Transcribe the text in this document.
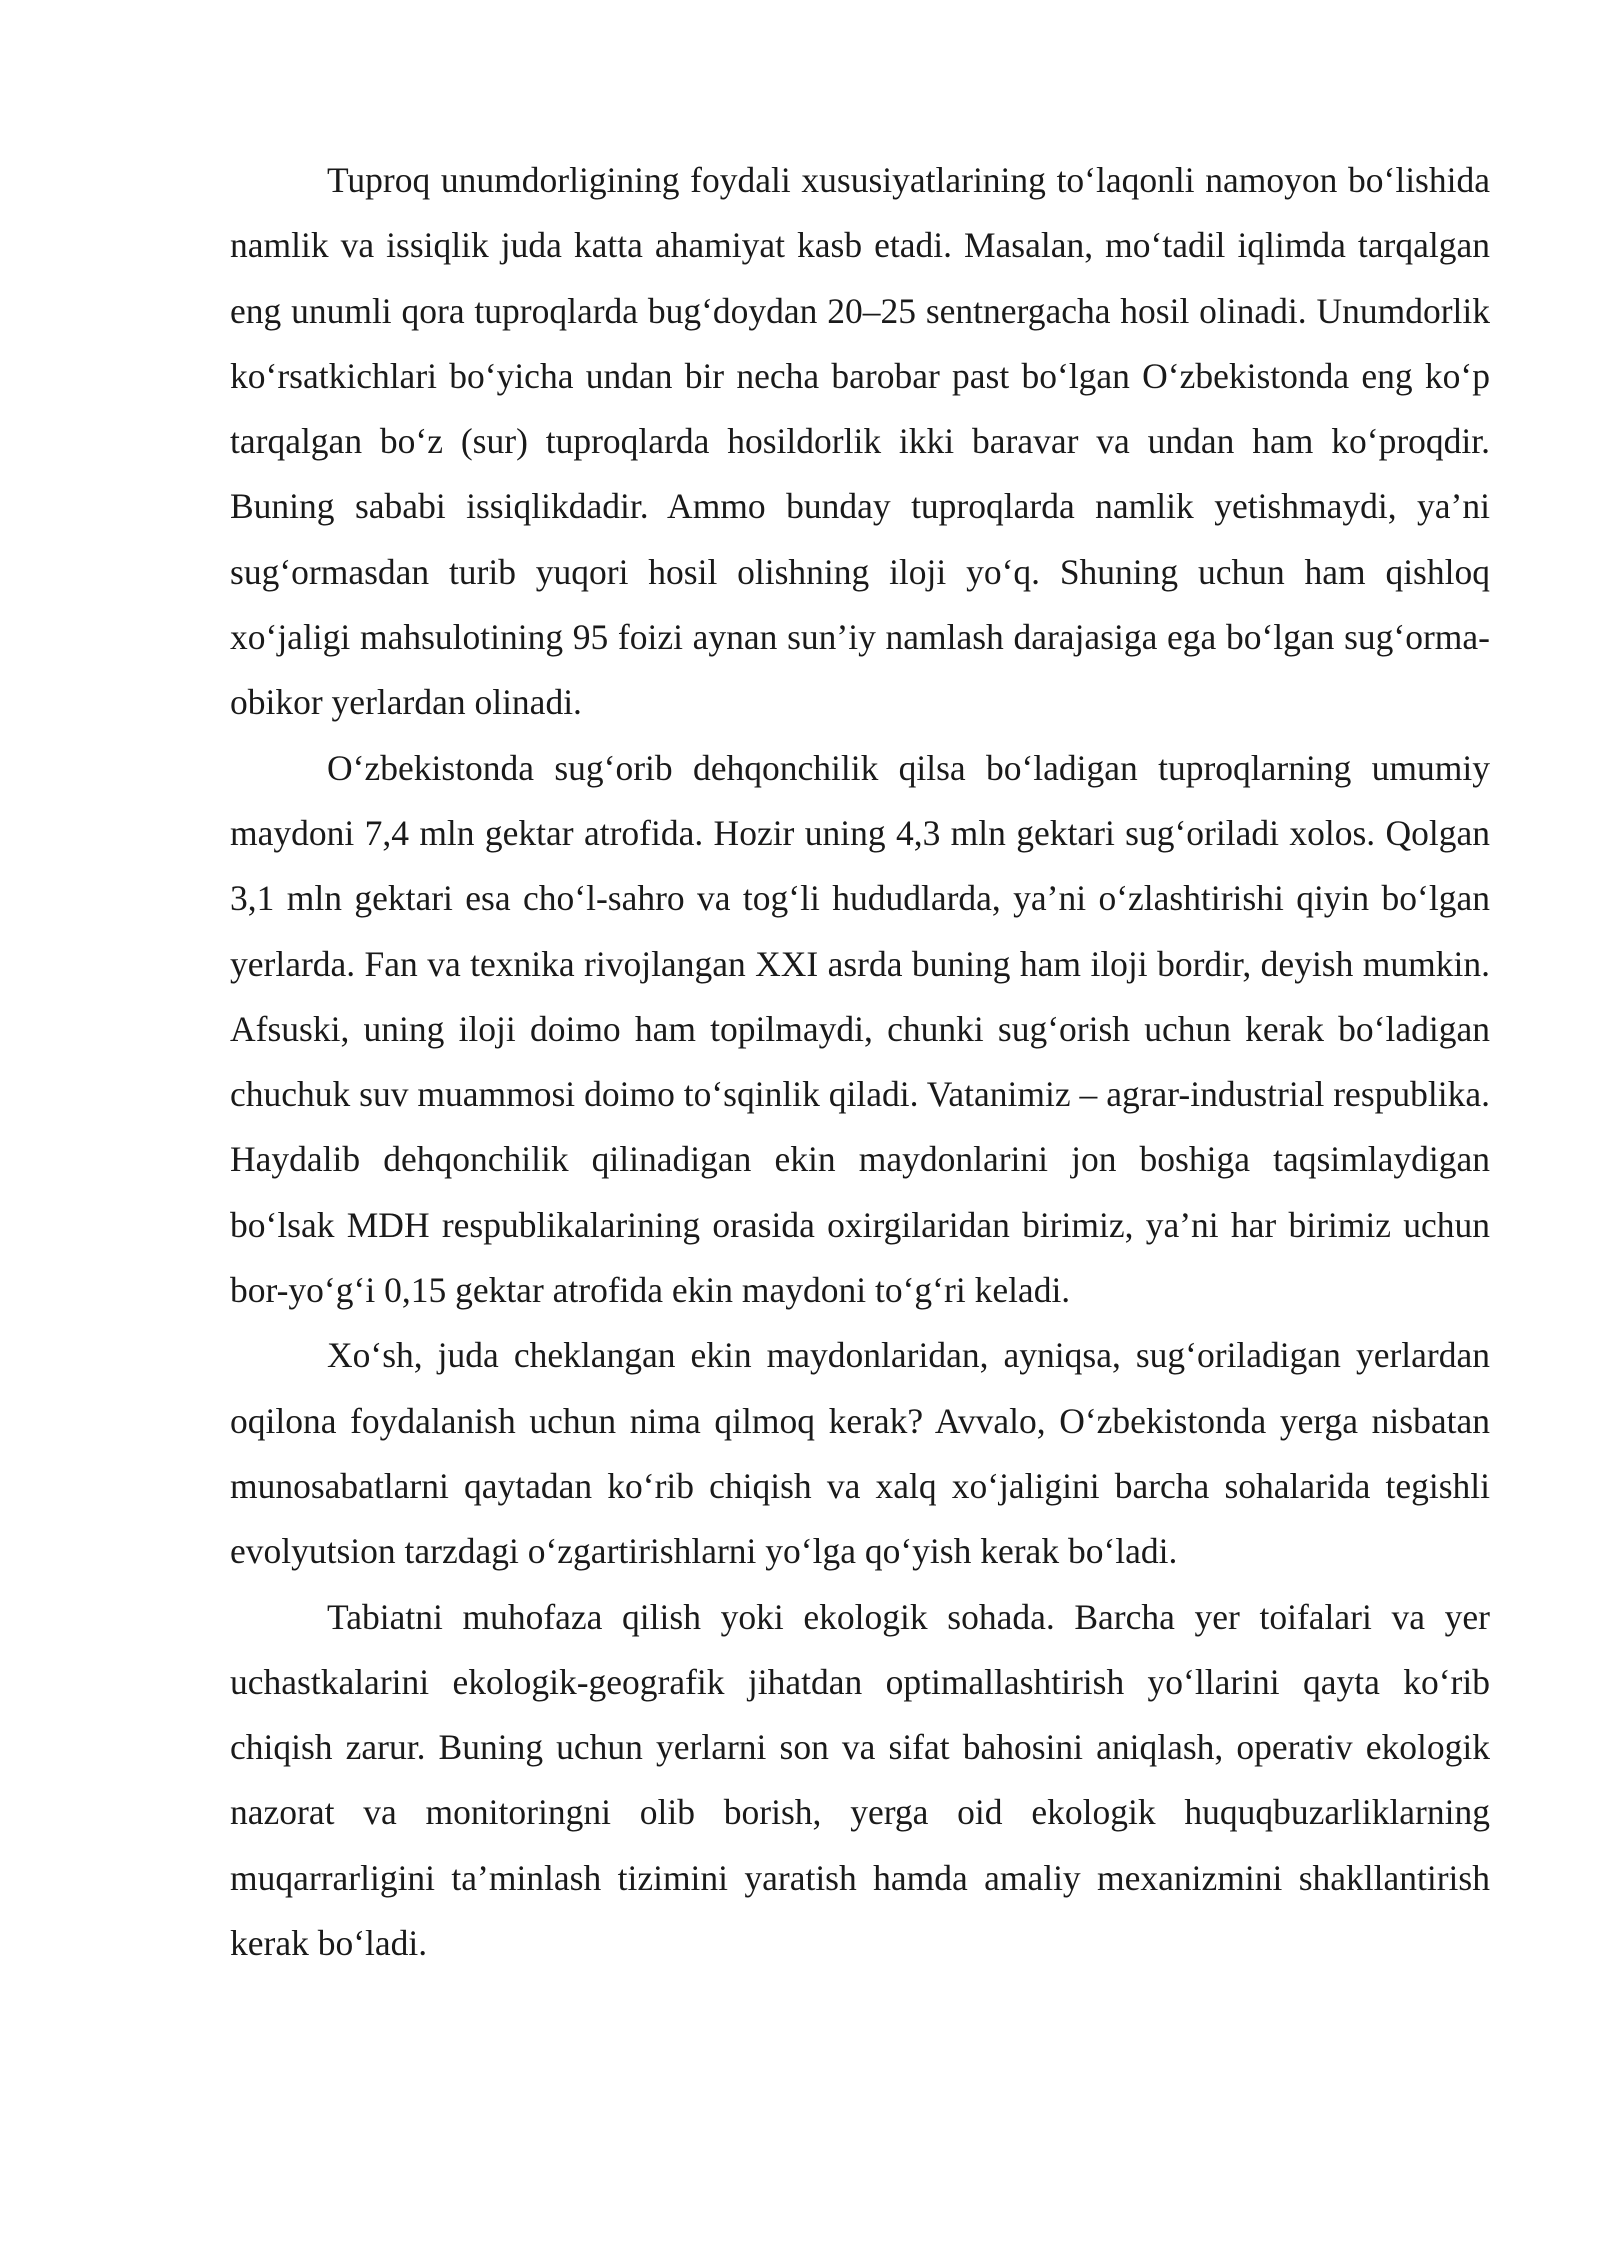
Tuproq unumdorligining foydali xususiyatlarining to‘laqonli namoyon bo‘lishida namlik va issiqlik juda katta ahamiyat kasb etadi. Masalan, mo‘tadil iqlimda tarqalgan eng unumli qora tuproqlarda bug‘doydan 20–25 sentnergacha hosil olinadi. Unumdorlik ko‘rsatkichlari bo‘yicha undan bir necha barobar past bo‘lgan O‘zbekistonda eng ko‘p tarqalgan bo‘z (sur) tuproqlarda hosildorlik ikki baravar va undan ham ko‘proqdir. Buning sababi issiqlikdadir. Ammo bunday tuproqlarda namlik yetishmaydi, ya’ni sug‘ormasdan turib yuqori hosil olishning iloji yo‘q. Shuning uchun ham qishloq xo‘jaligi mahsulotining 95 foizi aynan sun’iy namlash darajasiga ega bo‘lgan sug‘orma-obikor yerlardan olinadi.

O‘zbekistonda sug‘orib dehqonchilik qilsa bo‘ladigan tuproqlarning umumiy maydoni 7,4 mln gektar atrofida. Hozir uning 4,3 mln gektari sug‘oriladi xolos. Qolgan 3,1 mln gektari esa cho‘l-sahro va tog‘li hududlarda, ya’ni o‘zlashtirishi qiyin bo‘lgan yerlarda. Fan va texnika rivojlangan XXI asrda buning ham iloji bordir, deyish mumkin. Afsuski, uning iloji doimo ham topilmaydi, chunki sug‘orish uchun kerak bo‘ladigan chuchuk suv muammosi doimo to‘sqinlik qiladi. Vatanimiz – agrar-industrial respublika. Haydalib dehqonchilik qilinadigan ekin maydonlarini jon boshiga taqsimlaydigan bo‘lsak MDH respublikalarining orasida oxirgilaridan birimiz, ya’ni har birimiz uchun bor-yo‘g‘i 0,15 gektar atrofida ekin maydoni to‘g‘ri keladi.

Xo‘sh, juda cheklangan ekin maydonlaridan, ayniqsa, sug‘oriladigan yerlardan oqilona foydalanish uchun nima qilmoq kerak? Avvalo, O‘zbekistonda yerga nisbatan munosabatlarni qaytadan ko‘rib chiqish va xalq xo‘jaligini barcha sohalarida tegishli evolyutsion tarzdagi o‘zgartirishlarni yo‘lga qo‘yish kerak bo‘ladi.

Tabiatni muhofaza qilish yoki ekologik sohada. Barcha yer toifalari va yer uchastkalarini ekologik-geografik jihatdan optimallashtirish yo‘llarini qayta ko‘rib chiqish zarur. Buning uchun yerlarni son va sifat bahosini aniqlash, operativ ekologik nazorat va monitoringni olib borish, yerga oid ekologik huquqbuzarliklarning muqarrarligini ta’minlash tizimini yaratish hamda amaliy mexanizmini shakllantirish kerak bo‘ladi.
